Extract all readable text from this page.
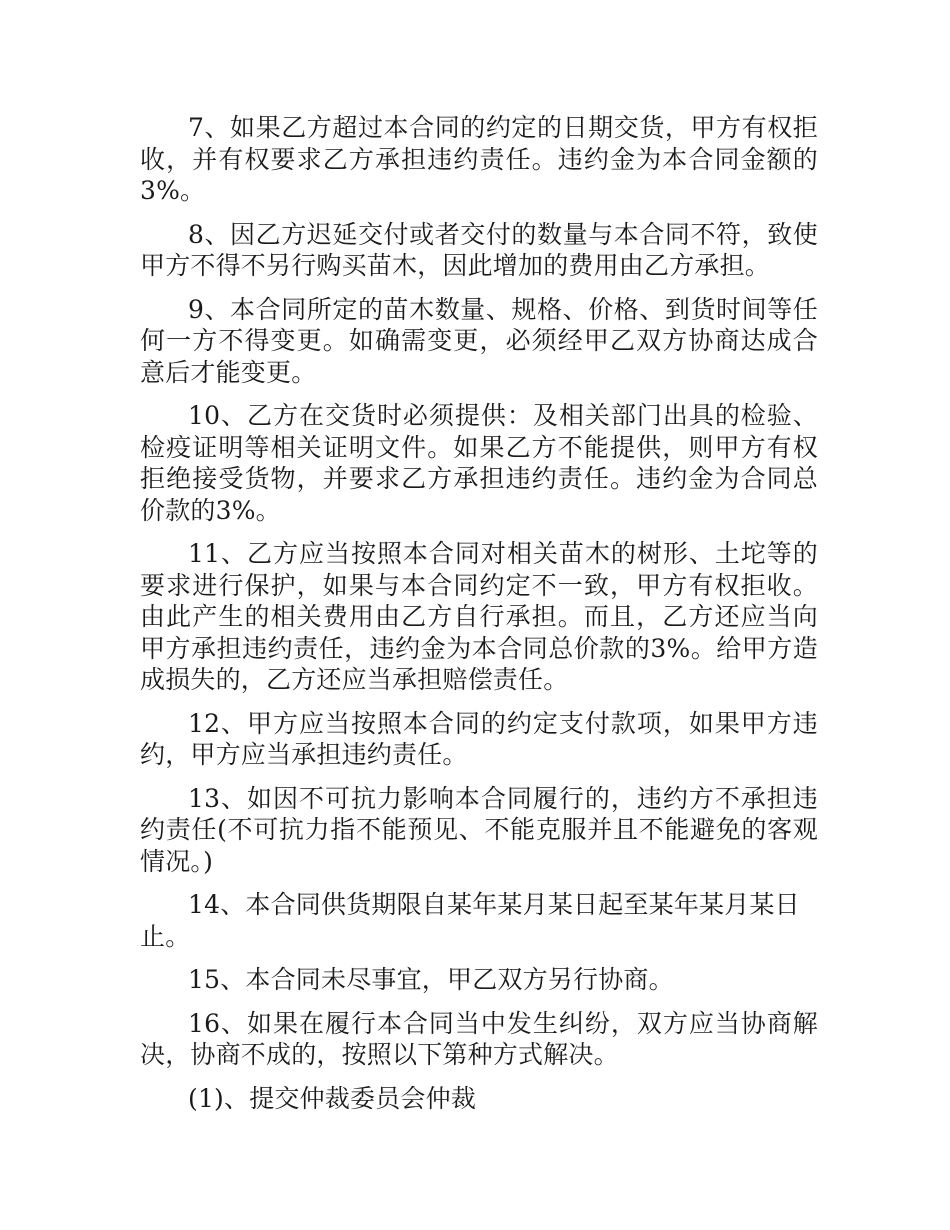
7、如果乙方超过本合同的约定的日期交货，甲方有权拒收，并有权要求乙方承担违约责任。违约金为本合同金额的3%。

8、因乙方迟延交付或者交付的数量与本合同不符，致使甲方不得不另行购买苗木，因此增加的费用由乙方承担。

9、本合同所定的苗木数量、规格、价格、到货时间等任何一方不得变更。如确需变更，必须经甲乙双方协商达成合意后才能变更。

10、乙方在交货时必须提供：及相关部门出具的检验、检疫证明等相关证明文件。如果乙方不能提供，则甲方有权拒绝接受货物，并要求乙方承担违约责任。违约金为合同总价款的3%。

11、乙方应当按照本合同对相关苗木的树形、土坨等的要求进行保护，如果与本合同约定不一致，甲方有权拒收。由此产生的相关费用由乙方自行承担。而且，乙方还应当向甲方承担违约责任，违约金为本合同总价款的3%。给甲方造成损失的，乙方还应当承担赔偿责任。

12、甲方应当按照本合同的约定支付款项，如果甲方违约，甲方应当承担违约责任。

13、如因不可抗力影响本合同履行的，违约方不承担违约责任(不可抗力指不能预见、不能克服并且不能避免的客观情况。)

14、本合同供货期限自某年某月某日起至某年某月某日止。

15、本合同未尽事宜，甲乙双方另行协商。

16、如果在履行本合同当中发生纠纷，双方应当协商解决，协商不成的，按照以下第种方式解决。

(1)、提交仲裁委员会仲裁
